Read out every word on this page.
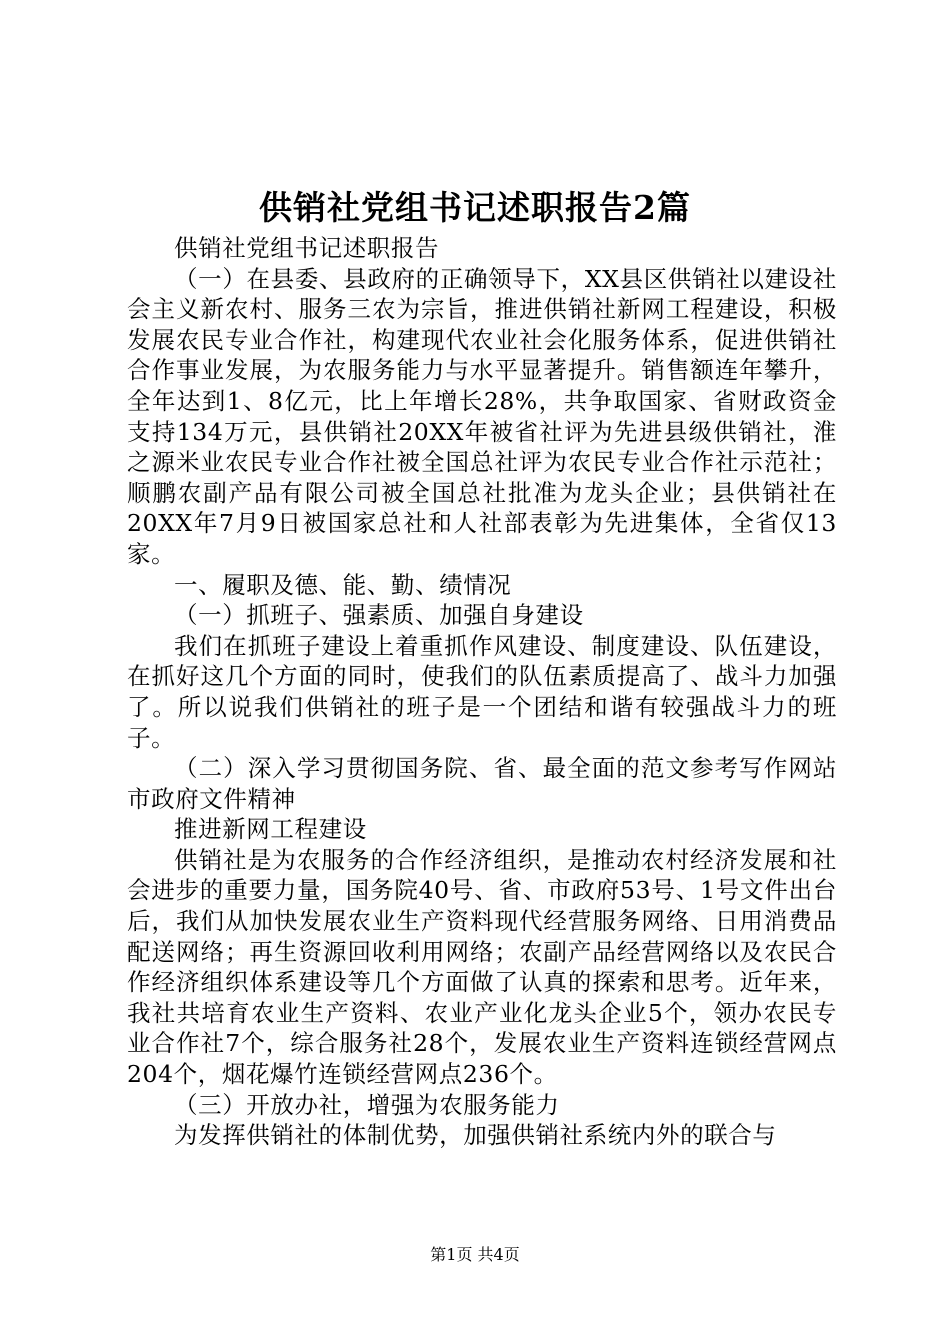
供销社党组书记述职报告2篇

供销社党组书记述职报告

（一）在县委、县政府的正确领导下，XX县区供销社以建设社会主义新农村、服务三农为宗旨，推进供销社新网工程建设，积极发展农民专业合作社，构建现代农业社会化服务体系，促进供销社合作事业发展，为农服务能力与水平显著提升。销售额连年攀升，全年达到1、8亿元，比上年增长28%，共争取国家、省财政资金支持134万元，县供销社20XX年被省社评为先进县级供销社，淮之源米业农民专业合作社被全国总社评为农民专业合作社示范社；顺鹏农副产品有限公司被全国总社批准为龙头企业；县供销社在20XX年7月9日被国家总社和人社部表彰为先进集体，全省仅13家。

一、履职及德、能、勤、绩情况

（一）抓班子、强素质、加强自身建设

我们在抓班子建设上着重抓作风建设、制度建设、队伍建设，在抓好这几个方面的同时，使我们的队伍素质提高了、战斗力加强了。所以说我们供销社的班子是一个团结和谐有较强战斗力的班子。

（二）深入学习贯彻国务院、省、最全面的范文参考写作网站市政府文件精神

推进新网工程建设

供销社是为农服务的合作经济组织，是推动农村经济发展和社会进步的重要力量，国务院40号、省、市政府53号、1号文件出台后，我们从加快发展农业生产资料现代经营服务网络、日用消费品配送网络；再生资源回收利用网络；农副产品经营网络以及农民合作经济组织体系建设等几个方面做了认真的探索和思考。近年来，我社共培育农业生产资料、农业产业化龙头企业5个，领办农民专业合作社7个，综合服务社28个，发展农业生产资料连锁经营网点204个，烟花爆竹连锁经营网点236个。

（三）开放办社，增强为农服务能力

为发挥供销社的体制优势，加强供销社系统内外的联合与

第1页 共4页
